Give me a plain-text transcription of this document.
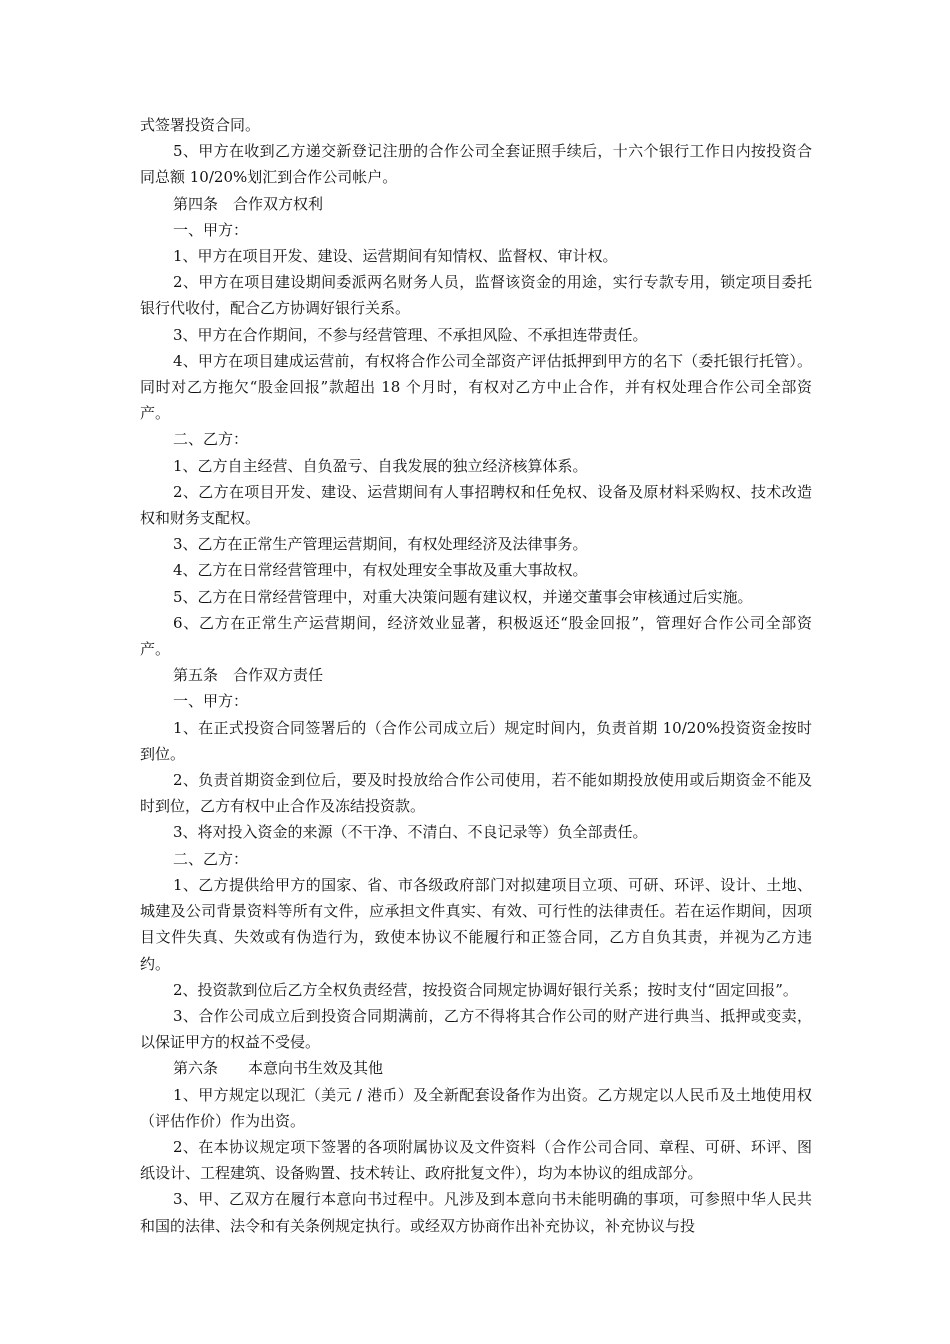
式签署投资合同。

5、甲方在收到乙方递交新登记注册的合作公司全套证照手续后，十六个银行工作日内按投资合同总额 10/20%划汇到合作公司帐户。

第四条　合作双方权利

一、甲方：

1、甲方在项目开发、建设、运营期间有知情权、监督权、审计权。

2、甲方在项目建设期间委派两名财务人员，监督该资金的用途，实行专款专用，锁定项目委托银行代收付，配合乙方协调好银行关系。

3、甲方在合作期间，不参与经营管理、不承担风险、不承担连带责任。

4、甲方在项目建成运营前，有权将合作公司全部资产评估抵押到甲方的名下（委托银行托管）。同时对乙方拖欠“股金回报”款超出 18 个月时，有权对乙方中止合作，并有权处理合作公司全部资产。

二、乙方：

1、乙方自主经营、自负盈亏、自我发展的独立经济核算体系。

2、乙方在项目开发、建设、运营期间有人事招聘权和任免权、设备及原材料采购权、技术改造权和财务支配权。

3、乙方在正常生产管理运营期间，有权处理经济及法律事务。

4、乙方在日常经营管理中，有权处理安全事故及重大事故权。

5、乙方在日常经营管理中，对重大决策问题有建议权，并递交董事会审核通过后实施。

6、乙方在正常生产运营期间，经济效业显著，积极返还“股金回报”，管理好合作公司全部资产。

第五条　合作双方责任

一、甲方：

1、在正式投资合同签署后的（合作公司成立后）规定时间内，负责首期 10/20%投资资金按时到位。

2、负责首期资金到位后，要及时投放给合作公司使用，若不能如期投放使用或后期资金不能及时到位，乙方有权中止合作及冻结投资款。

3、将对投入资金的来源（不干净、不清白、不良记录等）负全部责任。

二、乙方：

1、乙方提供给甲方的国家、省、市各级政府部门对拟建项目立项、可研、环评、设计、土地、城建及公司背景资料等所有文件，应承担文件真实、有效、可行性的法律责任。若在运作期间，因项目文件失真、失效或有伪造行为，致使本协议不能履行和正签合同，乙方自负其责，并视为乙方违约。

2、投资款到位后乙方全权负责经营，按投资合同规定协调好银行关系；按时支付“固定回报”。

3、合作公司成立后到投资合同期满前，乙方不得将其合作公司的财产进行典当、抵押或变卖，以保证甲方的权益不受侵。

第六条　　本意向书生效及其他

1、甲方规定以现汇（美元 / 港币）及全新配套设备作为出资。乙方规定以人民币及土地使用权（评估作价）作为出资。

2、在本协议规定项下签署的各项附属协议及文件资料（合作公司合同、章程、可研、环评、图纸设计、工程建筑、设备购置、技术转让、政府批复文件），均为本协议的组成部分。

3、甲、乙双方在履行本意向书过程中。凡涉及到本意向书未能明确的事项，可参照中华人民共和国的法律、法令和有关条例规定执行。或经双方协商作出补充协议，补充协议与投
